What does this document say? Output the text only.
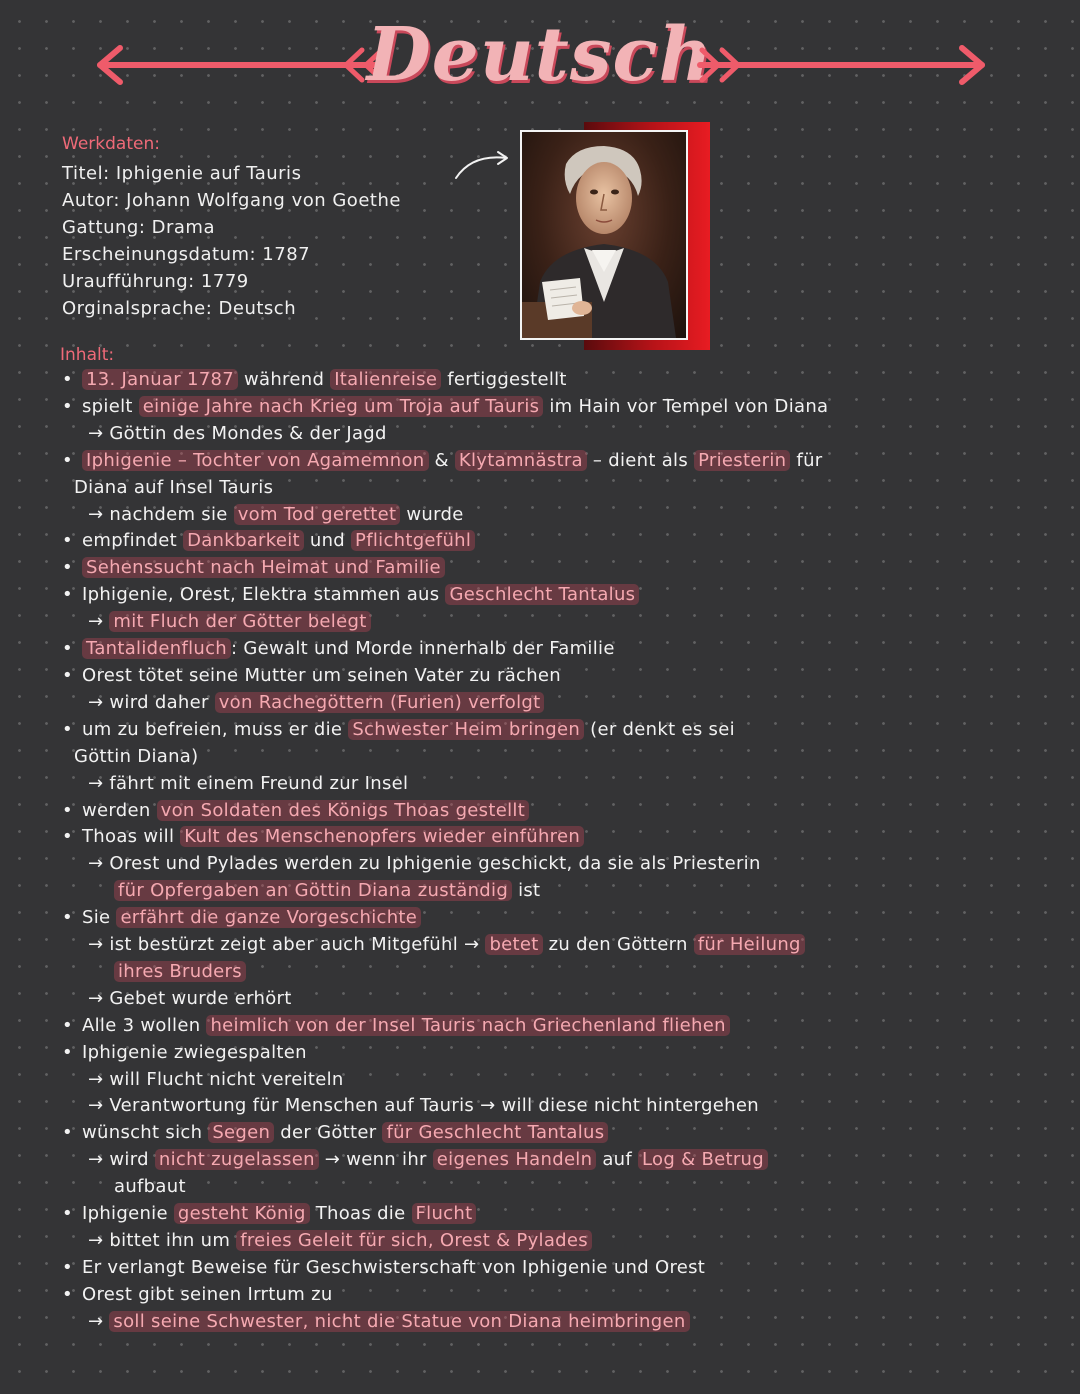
Deutsch
Werkdaten:
Titel: Iphigenie auf Tauris
Autor: Johann Wolfgang von Goethe
Gattung: Drama
Erscheinungsdatum: 1787
Uraufführung: 1779
Orginalsprache: Deutsch
Inhalt:
• 13. Januar 1787 während Italienreise fertiggestellt
• spielt einige Jahre nach Krieg um Troja auf Tauris im Hain vor Tempel von Diana
→ Göttin des Mondes & der Jagd
• Iphigenie – Tochter von Agamemnon & Klytamnästra – dient als Priesterin für
Diana auf Insel Tauris
→ nachdem sie vom Tod gerettet wurde
• empfindet Dankbarkeit und Pflichtgefühl
• Sehenssucht nach Heimat und Familie
• Iphigenie, Orest, Elektra stammen aus Geschlecht Tantalus
→ mit Fluch der Götter belegt
• Tantalidenfluch : Gewalt und Morde innerhalb der Familie
• Orest tötet seine Mutter um seinen Vater zu rächen
→ wird daher von Rachegöttern (Furien) verfolgt
• um zu befreien, muss er die Schwester Heim bringen (er denkt es sei
Göttin Diana)
→ fährt mit einem Freund zur Insel
• werden von Soldaten des Königs Thoas gestellt
• Thoas will Kult des Menschenopfers wieder einführen
→ Orest und Pylades werden zu Iphigenie geschickt, da sie als Priesterin
für Opfergaben an Göttin Diana zuständig ist
• Sie erfährt die ganze Vorgeschichte
→ ist bestürzt zeigt aber auch Mitgefühl → betet zu den Göttern für Heilung
ihres Bruders
→ Gebet wurde erhört
• Alle 3 wollen heimlich von der Insel Tauris nach Griechenland fliehen
• Iphigenie zwiegespalten
→ will Flucht nicht vereiteln
→ Verantwortung für Menschen auf Tauris → will diese nicht hintergehen
• wünscht sich Segen der Götter für Geschlecht Tantalus
→ wird nicht zugelassen → wenn ihr eigenes Handeln auf Log & Betrug
aufbaut
• Iphigenie gesteht König Thoas die Flucht
→ bittet ihn um freies Geleit für sich, Orest & Pylades
• Er verlangt Beweise für Geschwisterschaft von Iphigenie und Orest
• Orest gibt seinen Irrtum zu
→ soll seine Schwester, nicht die Statue von Diana heimbringen
